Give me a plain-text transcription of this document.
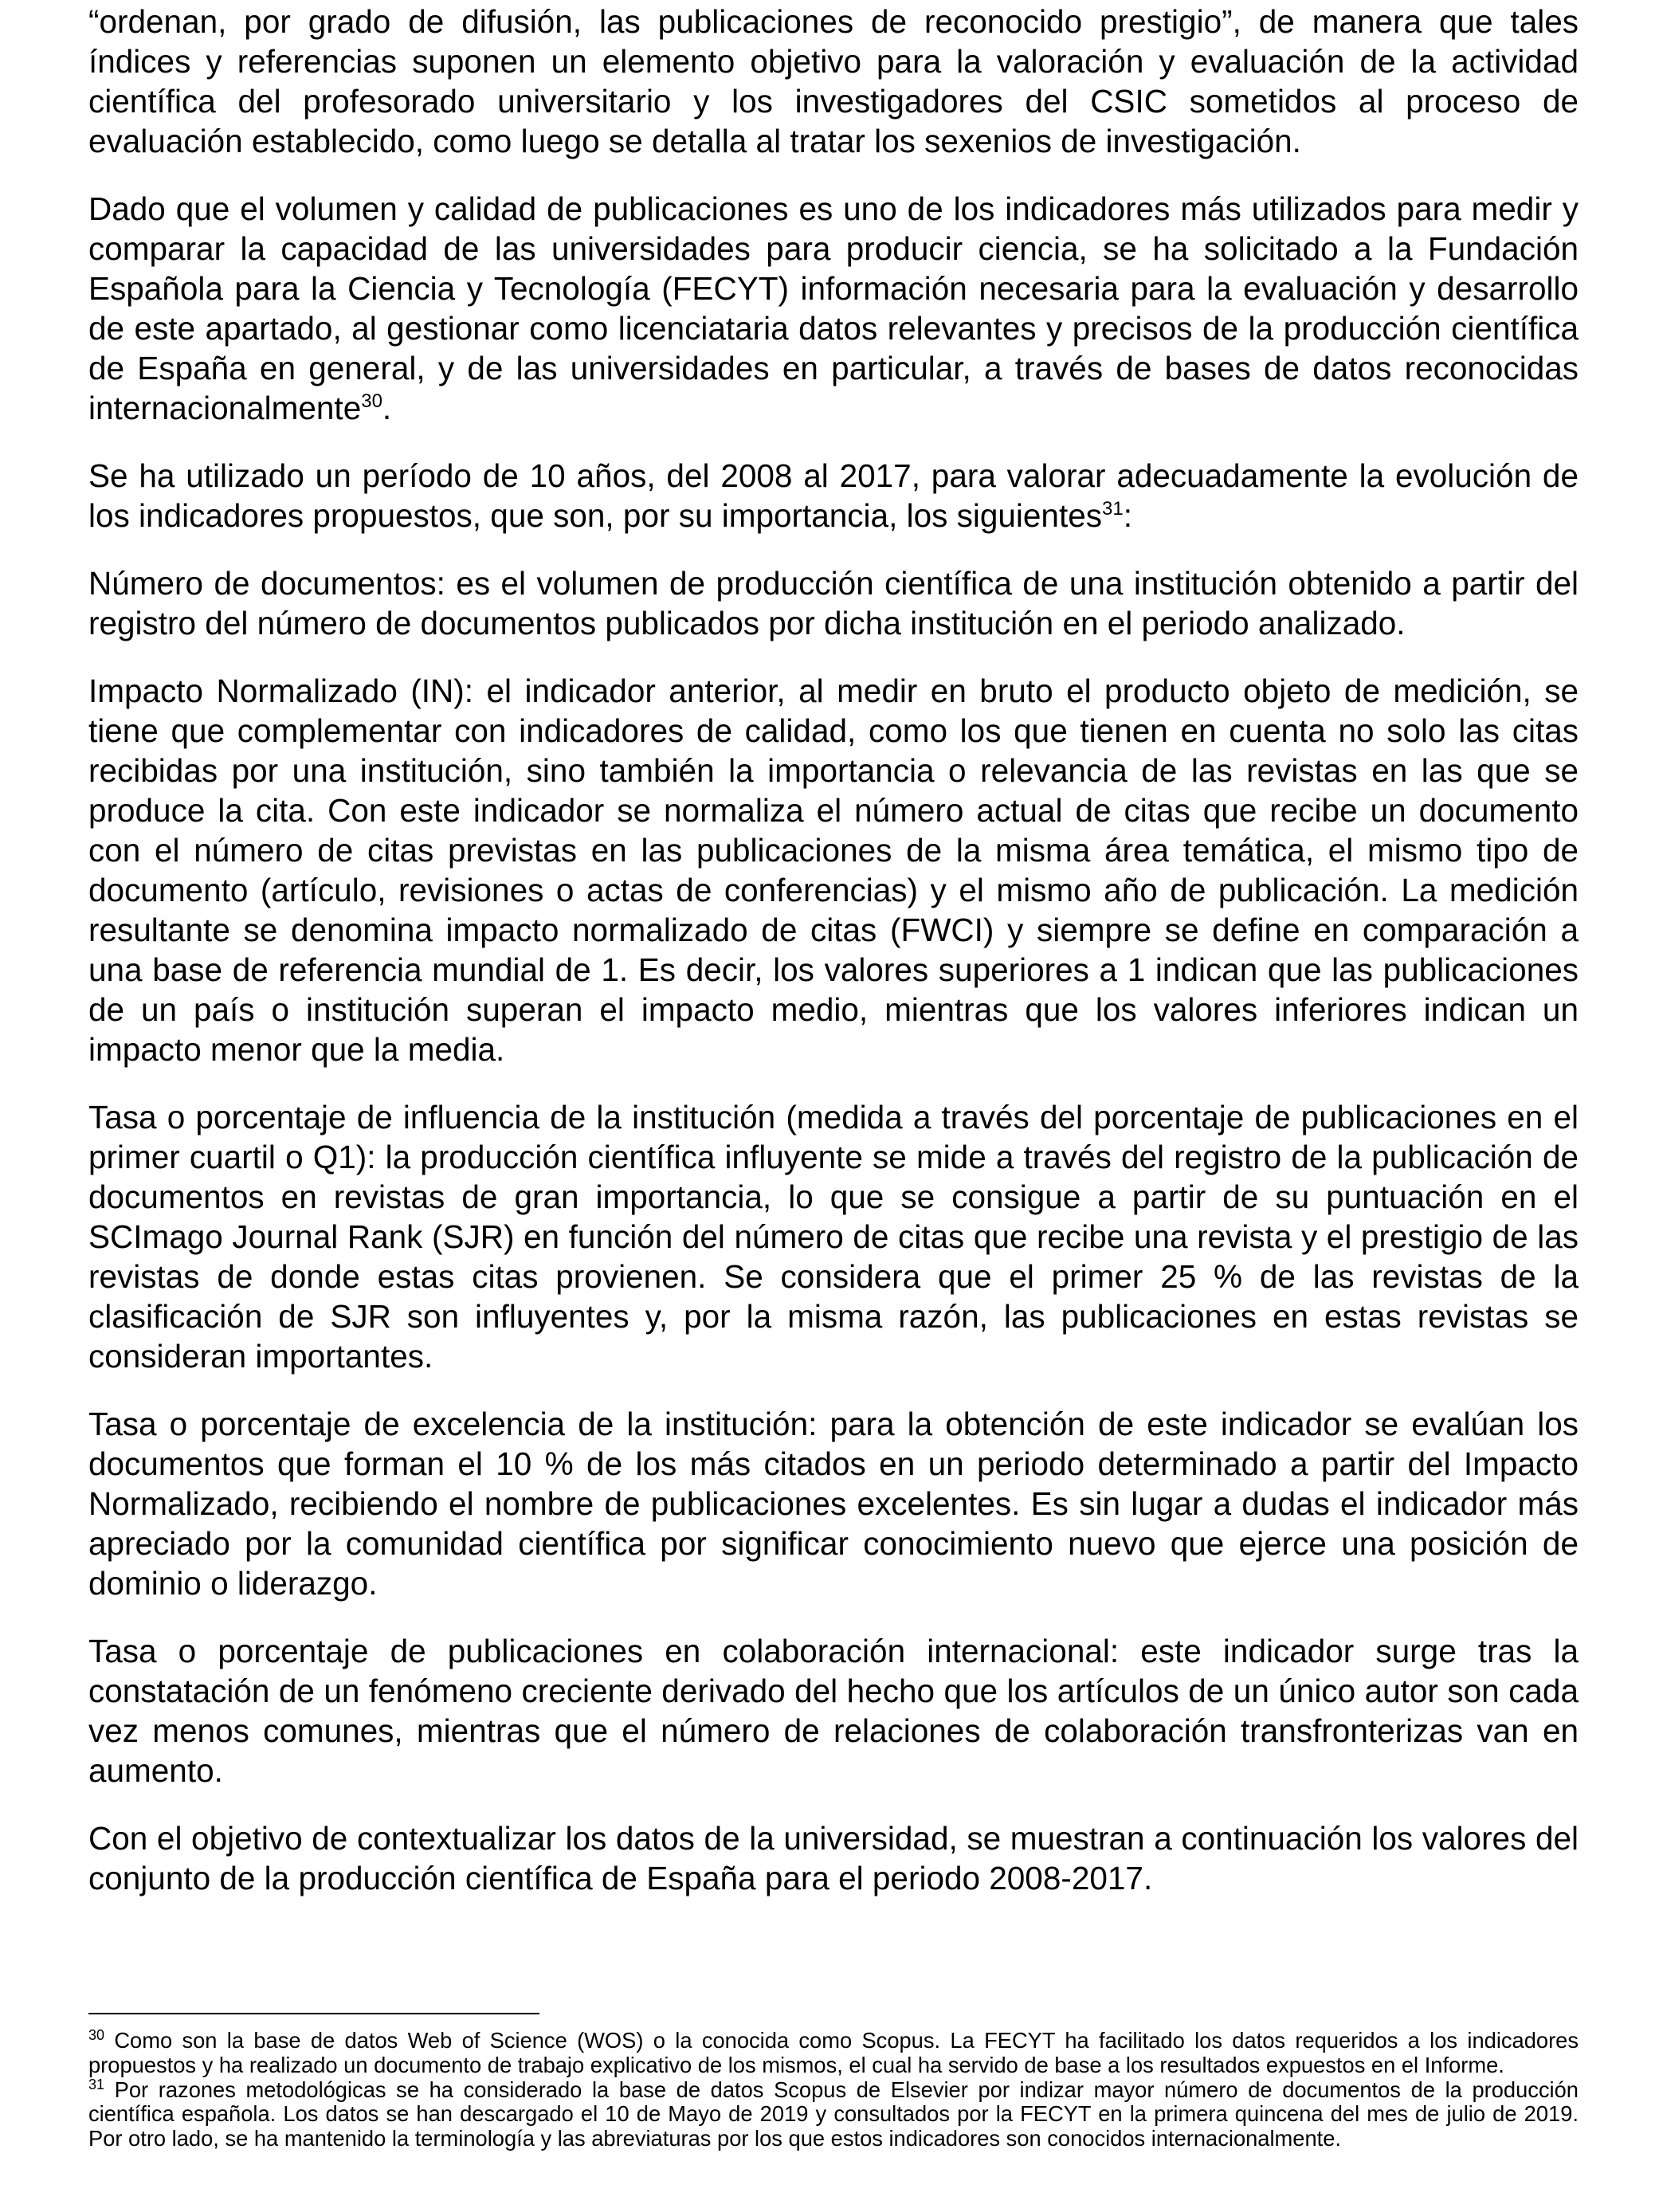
“ordenan, por grado de difusión, las publicaciones de reconocido prestigio”, de manera que tales índices y referencias suponen un elemento objetivo para la valoración y evaluación de la actividad científica del profesorado universitario y los investigadores del CSIC sometidos al proceso de evaluación establecido, como luego se detalla al tratar los sexenios de investigación.

Dado que el volumen y calidad de publicaciones es uno de los indicadores más utilizados para medir y comparar la capacidad de las universidades para producir ciencia, se ha solicitado a la Fundación Española para la Ciencia y Tecnología (FECYT) información necesaria para la evaluación y desarrollo de este apartado, al gestionar como licenciataria datos relevantes y precisos de la producción científica de España en general, y de las universidades en particular, a través de bases de datos reconocidas internacionalmente$^{30}$.

Se ha utilizado un período de 10 años, del 2008 al 2017, para valorar adecuadamente la evolución de los indicadores propuestos, que son, por su importancia, los siguientes$^{31}$:

Número de documentos: es el volumen de producción científica de una institución obtenido a partir del registro del número de documentos publicados por dicha institución en el periodo analizado.

Impacto Normalizado (IN): el indicador anterior, al medir en bruto el producto objeto de medición, se tiene que complementar con indicadores de calidad, como los que tienen en cuenta no solo las citas recibidas por una institución, sino también la importancia o relevancia de las revistas en las que se produce la cita. Con este indicador se normaliza el número actual de citas que recibe un documento con el número de citas previstas en las publicaciones de la misma área temática, el mismo tipo de documento (artículo, revisiones o actas de conferencias) y el mismo año de publicación. La medición resultante se denomina impacto normalizado de citas (FWCI) y siempre se define en comparación a una base de referencia mundial de 1. Es decir, los valores superiores a 1 indican que las publicaciones de un país o institución superan el impacto medio, mientras que los valores inferiores indican un impacto menor que la media.

Tasa o porcentaje de influencia de la institución (medida a través del porcentaje de publicaciones en el primer cuartil o Q1): la producción científica influyente se mide a través del registro de la publicación de documentos en revistas de gran importancia, lo que se consigue a partir de su puntuación en el SCImago Journal Rank (SJR) en función del número de citas que recibe una revista y el prestigio de las revistas de donde estas citas provienen. Se considera que el primer 25 % de las revistas de la clasificación de SJR son influyentes y, por la misma razón, las publicaciones en estas revistas se consideran importantes.

Tasa o porcentaje de excelencia de la institución: para la obtención de este indicador se evalúan los documentos que forman el 10 % de los más citados en un periodo determinado a partir del Impacto Normalizado, recibiendo el nombre de publicaciones excelentes. Es sin lugar a dudas el indicador más apreciado por la comunidad científica por significar conocimiento nuevo que ejerce una posición de dominio o liderazgo.

Tasa o porcentaje de publicaciones en colaboración internacional: este indicador surge tras la constatación de un fenómeno creciente derivado del hecho que los artículos de un único autor son cada vez menos comunes, mientras que el número de relaciones de colaboración transfronterizas van en aumento.

Con el objetivo de contextualizar los datos de la universidad, se muestran a continuación los valores del conjunto de la producción científica de España para el periodo 2008-2017.

$^{30}$ Como son la base de datos Web of Science (WOS) o la conocida como Scopus. La FECYT ha facilitado los datos requeridos a los indicadores propuestos y ha realizado un documento de trabajo explicativo de los mismos, el cual ha servido de base a los resultados expuestos en el Informe.

$^{31}$ Por razones metodológicas se ha considerado la base de datos Scopus de Elsevier por indizar mayor número de documentos de la producción científica española. Los datos se han descargado el 10 de Mayo de 2019 y consultados por la FECYT en la primera quincena del mes de julio de 2019. Por otro lado, se ha mantenido la terminología y las abreviaturas por los que estos indicadores son conocidos internacionalmente.
